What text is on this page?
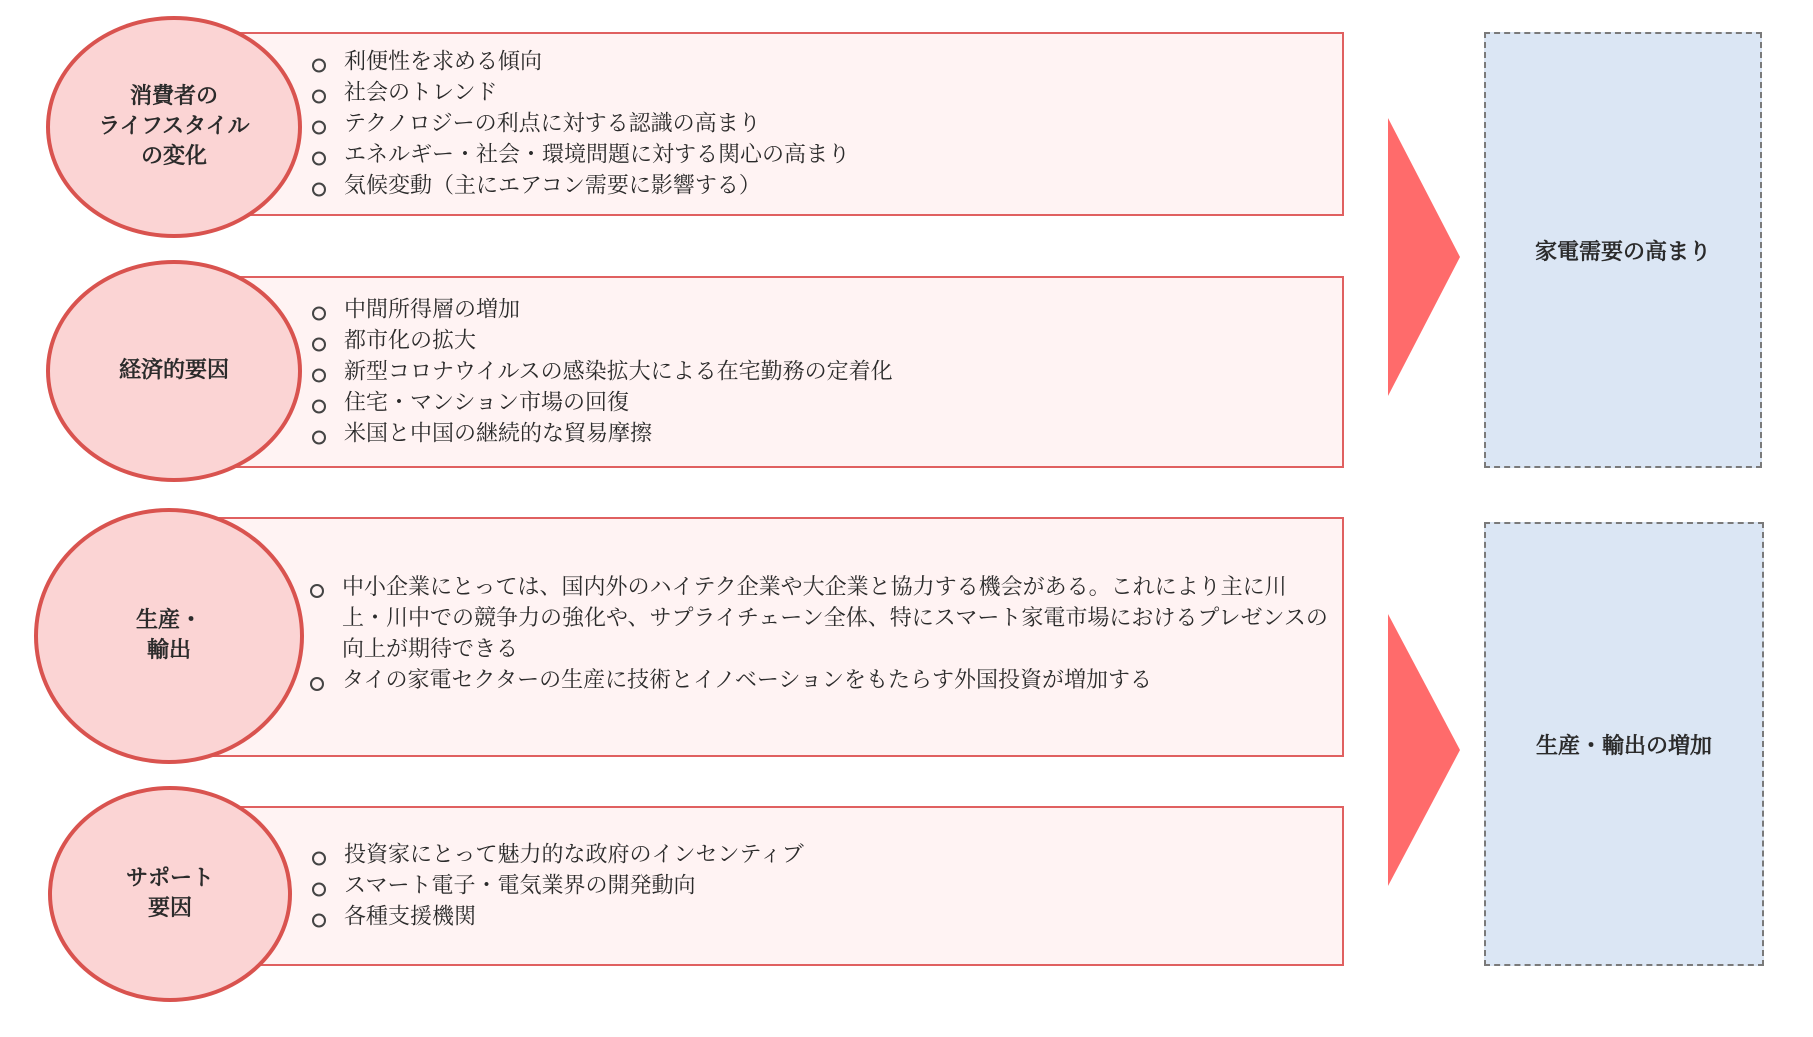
利便性を求める傾向
社会のトレンド
テクノロジーの利点に対する認識の高まり
エネルギー・社会・環境問題に対する関心の高まり
気候変動（主にエアコン需要に影響する）
消費者の
ライフスタイル
の変化
中間所得層の増加
都市化の拡大
新型コロナウイルスの感染拡大による在宅勤務の定着化
住宅・マンション市場の回復
米国と中国の継続的な貿易摩擦
経済的要因
中小企業にとっては、国内外のハイテク企業や大企業と協力する機会がある。これにより主に川上・川中での競争力の強化や、サプライチェーン全体、特にスマート家電市場におけるプレゼンスの向上が期待できる
タイの家電セクターの生産に技術とイノベーションをもたらす外国投資が増加する
生産・
輸出
投資家にとって魅力的な政府のインセンティブ
スマート電子・電気業界の開発動向
各種支援機関
サポート
要因
家電需要の高まり
生産・輸出の増加
